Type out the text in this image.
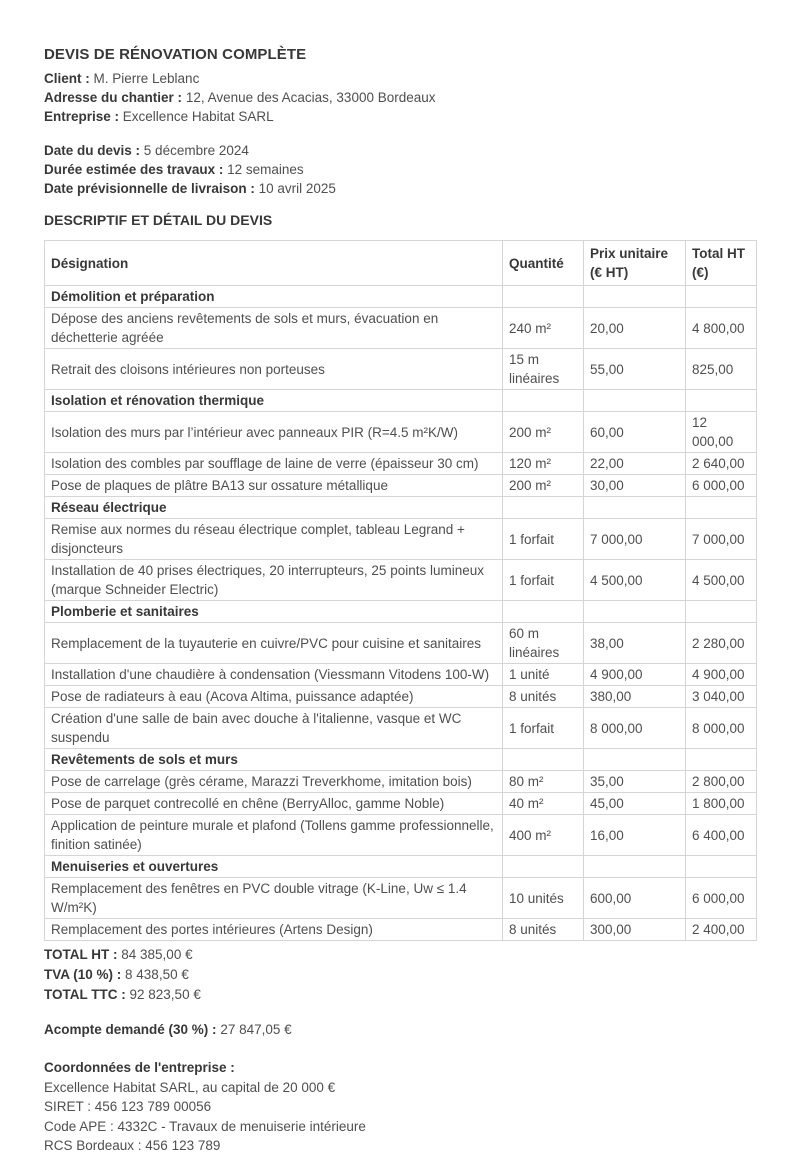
DEVIS DE RÉNOVATION COMPLÈTE

Client : M. Pierre Leblanc

Adresse du chantier : 12, Avenue des Acacias, 33000 Bordeaux

Entreprise : Excellence Habitat SARL

Date du devis : 5 décembre 2024

Durée estimée des travaux : 12 semaines

Date prévisionnelle de livraison : 10 avril 2025

DESCRIPTIF ET DÉTAIL DU DEVIS
Désignation	Quantité	Prix unitaire (€ HT)	Total HT (€)
Démolition et préparation			
Dépose des anciens revêtements de sols et murs, évacuation en déchetterie agréée	240 m²	20,00	4 800,00
Retrait des cloisons intérieures non porteuses	15 m linéaires	55,00	825,00
Isolation et rénovation thermique			
Isolation des murs par l’intérieur avec panneaux PIR (R=4.5 m²K/W)	200 m²	60,00	12 000,00
Isolation des combles par soufflage de laine de verre (épaisseur 30 cm)	120 m²	22,00	2 640,00
Pose de plaques de plâtre BA13 sur ossature métallique	200 m²	30,00	6 000,00
Réseau électrique			
Remise aux normes du réseau électrique complet, tableau Legrand + disjoncteurs	1 forfait	7 000,00	7 000,00
Installation de 40 prises électriques, 20 interrupteurs, 25 points lumineux (marque Schneider Electric)	1 forfait	4 500,00	4 500,00
Plomberie et sanitaires			
Remplacement de la tuyauterie en cuivre/PVC pour cuisine et sanitaires	60 m linéaires	38,00	2 280,00
Installation d'une chaudière à condensation (Viessmann Vitodens 100-W)	1 unité	4 900,00	4 900,00
Pose de radiateurs à eau (Acova Altima, puissance adaptée)	8 unités	380,00	3 040,00
Création d'une salle de bain avec douche à l'italienne, vasque et WC suspendu	1 forfait	8 000,00	8 000,00
Revêtements de sols et murs			
Pose de carrelage (grès cérame, Marazzi Treverkhome, imitation bois)	80 m²	35,00	2 800,00
Pose de parquet contrecollé en chêne (BerryAlloc, gamme Noble)	40 m²	45,00	1 800,00
Application de peinture murale et plafond (Tollens gamme professionnelle, finition satinée)	400 m²	16,00	6 400,00
Menuiseries et ouvertures			
Remplacement des fenêtres en PVC double vitrage (K-Line, Uw ≤ 1.4 W/m²K)	10 unités	600,00	6 000,00
Remplacement des portes intérieures (Artens Design)	8 unités	300,00	2 400,00

TOTAL HT : 84 385,00 €

TVA (10 %) : 8 438,50 €

TOTAL TTC : 92 823,50 €

Acompte demandé (30 %) : 27 847,05 €

Coordonnées de l'entreprise :

Excellence Habitat SARL, au capital de 20 000 €

SIRET : 456 123 789 00056

Code APE : 4332C - Travaux de menuiserie intérieure

RCS Bordeaux : 456 123 789
